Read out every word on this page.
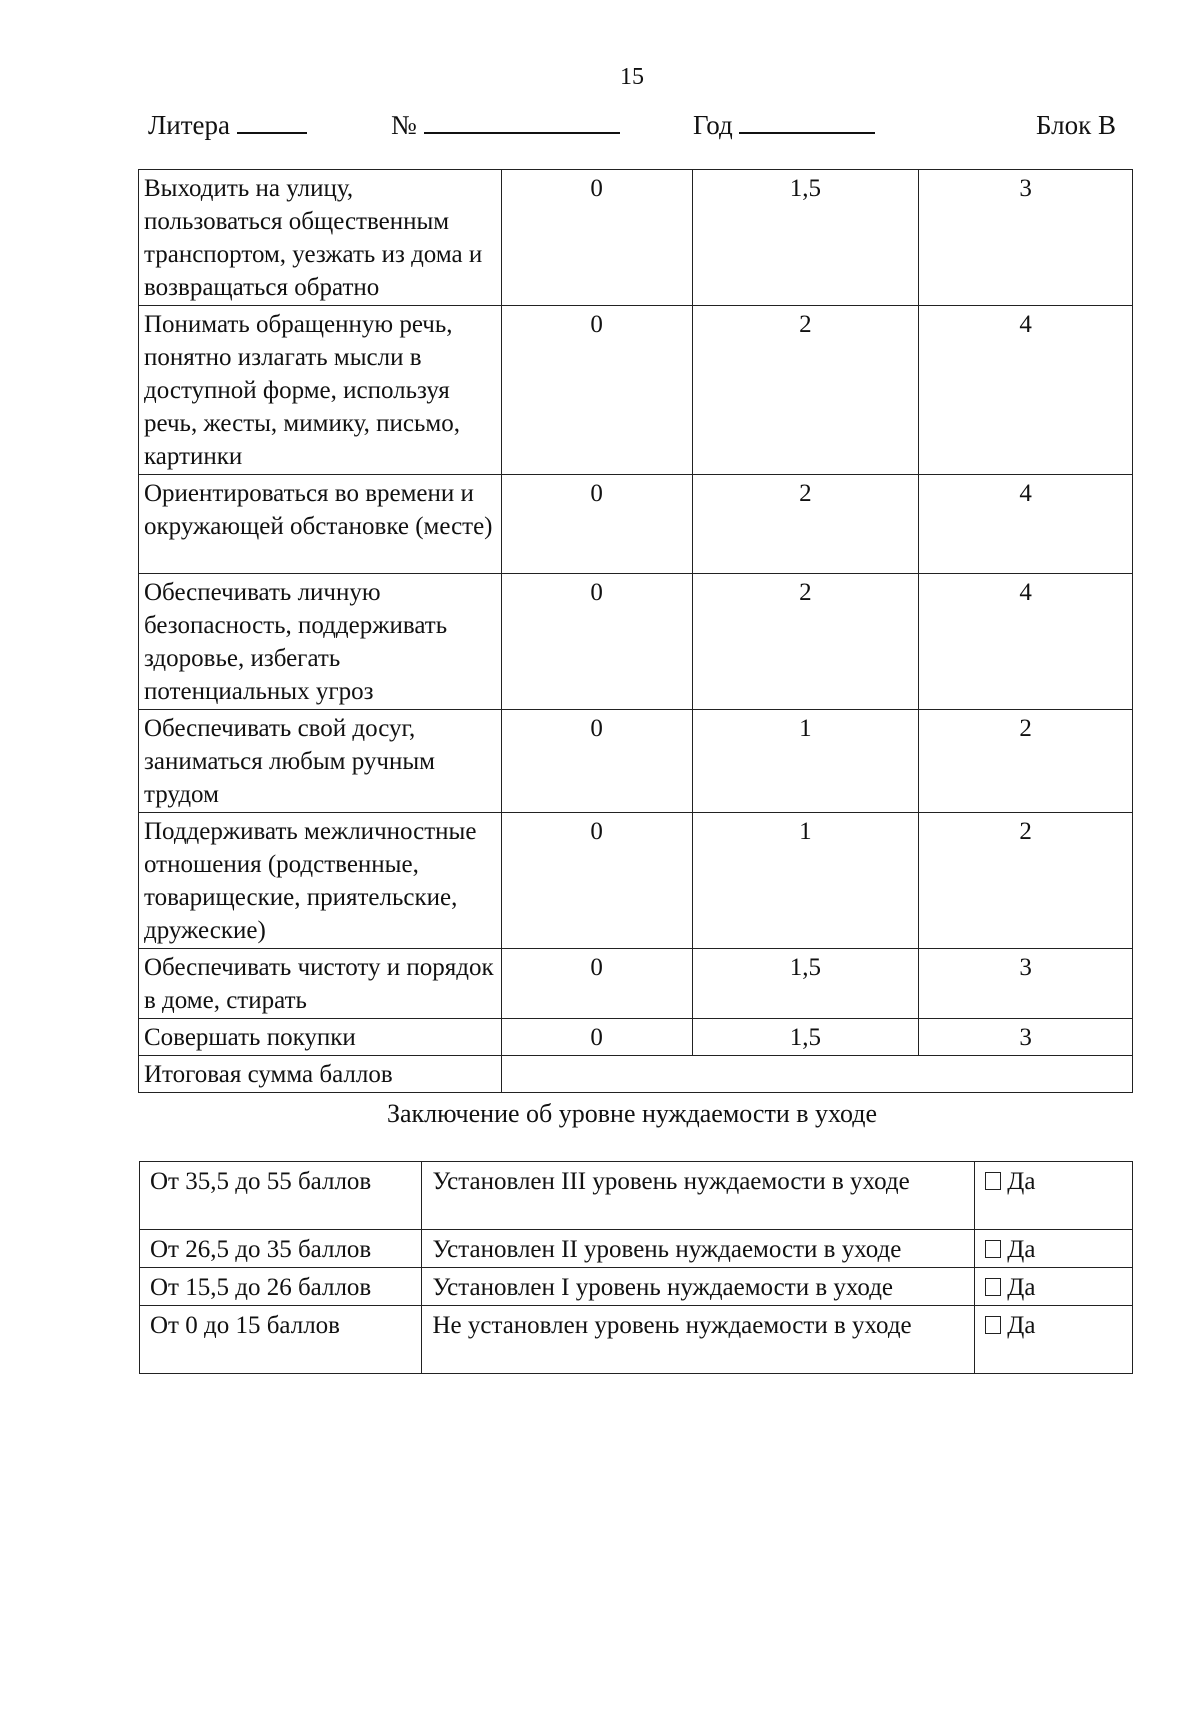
15
Литера	№	Год	Блок В
Выходить на улицу, пользоваться общественным транспортом, уезжать из дома и возвращаться обратно	0	1,5	3
Понимать обращенную речь, понятно излагать мысли в доступной форме, используя речь, жесты, мимику, письмо, картинки	0	2	4
Ориентироваться во времени и окружающей обстановке (месте)	0	2	4
Обеспечивать личную безопасность, поддерживать здоровье, избегать потенциальных угроз	0	2	4
Обеспечивать свой досуг, заниматься любым ручным трудом	0	1	2
Поддерживать межличностные отношения (родственные, товарищеские, приятельские, дружеские)	0	1	2
Обеспечивать чистоту и порядок в доме, стирать	0	1,5	3
Совершать покупки	0	1,5	3
Итоговая сумма баллов			
Заключение об уровне нуждаемости в уходе
От 35,5 до 55 баллов	Установлен III уровень нуждаемости в уходе	Да
От 26,5 до 35 баллов	Установлен II уровень нуждаемости в уходе	Да
От 15,5 до 26 баллов	Установлен I уровень нуждаемости в уходе	Да
От 0 до 15 баллов	Не установлен уровень нуждаемости в уходе	Да
